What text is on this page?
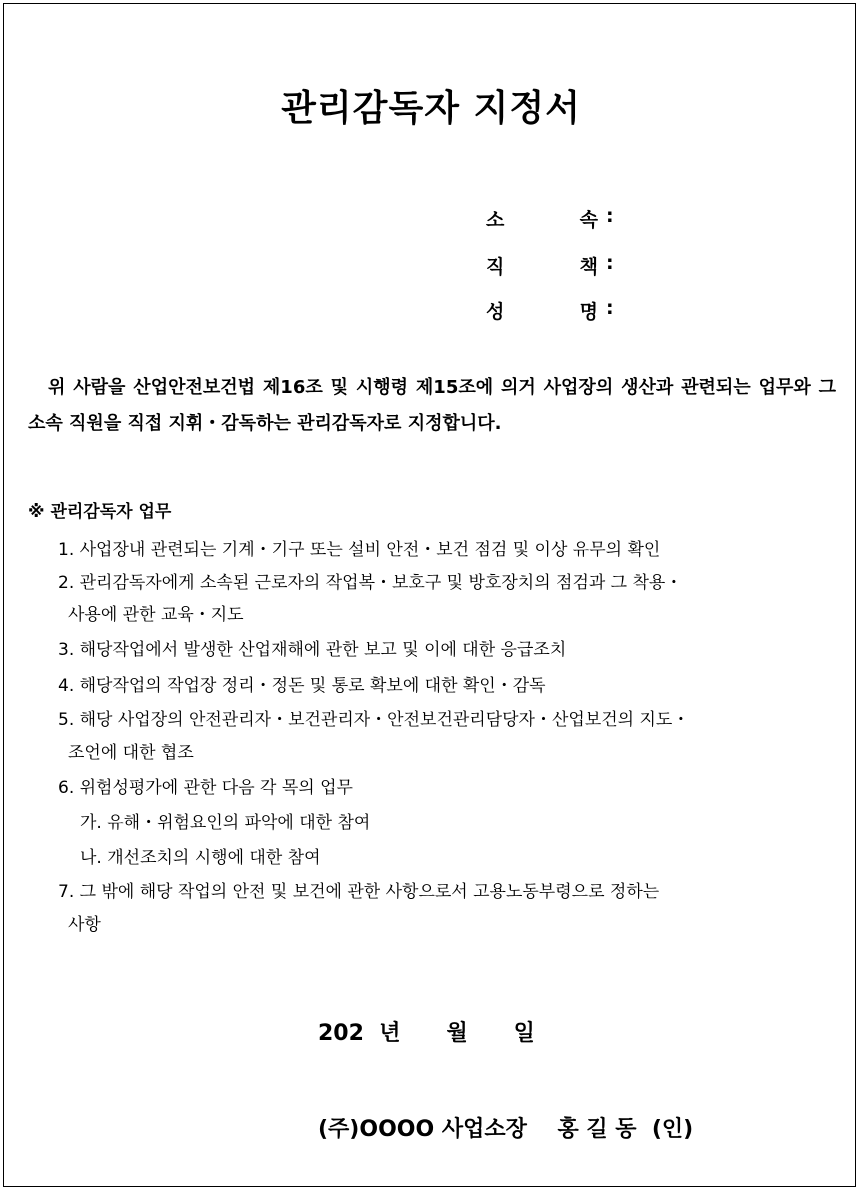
관리감독자 지정서
소	속 :
직	책 :
성	명 :
위 사람을 산업안전보건법 제16조 및 시행령 제15조에 의거 사업장의 생산과 관련되는 업무와 그 소속 직원을 직접 지휘・감독하는 관리감독자로 지정합니다.
※ 관리감독자 업무
1. 사업장내 관련되는 기계・기구 또는 설비 안전・보건 점검 및 이상 유무의 확인
2. 관리감독자에게 소속된 근로자의 작업복・보호구 및 방호장치의 점검과 그 착용・
사용에 관한 교육・지도
3. 해당작업에서 발생한 산업재해에 관한 보고 및 이에 대한 응급조치
4. 해당작업의 작업장 정리・정돈 및 통로 확보에 대한 확인・감독
5. 해당 사업장의 안전관리자・보건관리자・안전보건관리담당자・산업보건의 지도・
조언에 대한 협조
6. 위험성평가에 관한 다음 각 목의 업무
가. 유해・위험요인의 파악에 대한 참여
나. 개선조치의 시행에 대한 참여
7. 그 밖에 해당 작업의 안전 및 보건에 관한 사항으로서 고용노동부령으로 정하는
사항
202  년      월      일
(주)OOOO 사업소장    홍 길 동  (인)
